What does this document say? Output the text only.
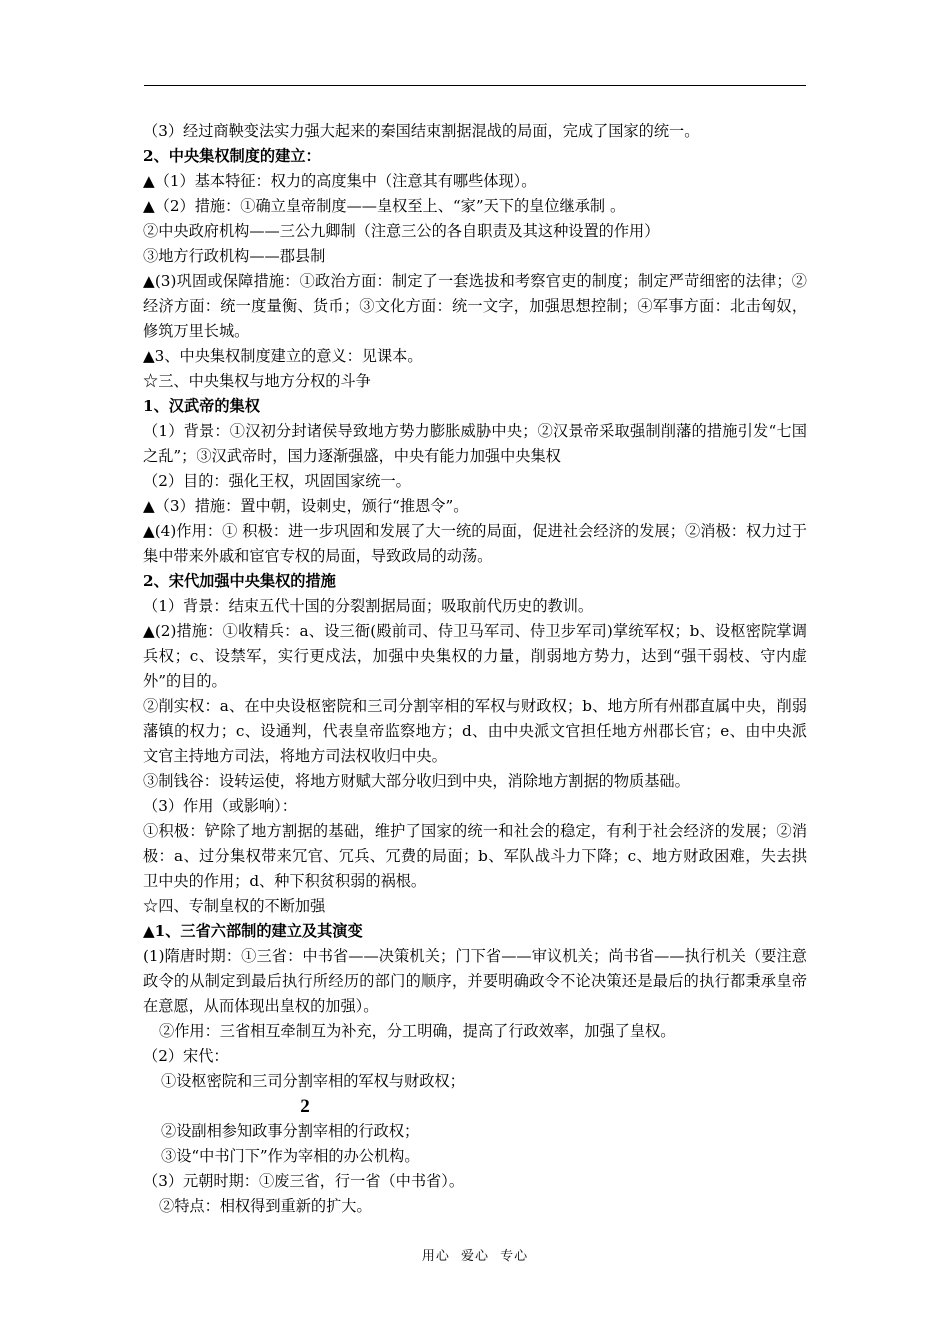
（3）经过商鞅变法实力强大起来的秦国结束割据混战的局面，完成了国家的统一。

2、中央集权制度的建立：

▲（1）基本特征：权力的高度集中（注意其有哪些体现）。

▲（2）措施：①确立皇帝制度——皇权至上、“家”天下的皇位继承制 。

②中央政府机构——三公九卿制（注意三公的各自职责及其这种设置的作用）

③地方行政机构——郡县制

▲(3)巩固或保障措施：①政治方面：制定了一套选拔和考察官吏的制度；制定严苛细密的法律；②经济方面：统一度量衡、货币；③文化方面：统一文字，加强思想控制；④军事方面：北击匈奴，修筑万里长城。

▲3、中央集权制度建立的意义：见课本。

☆三、中央集权与地方分权的斗争

1、汉武帝的集权

（1）背景：①汉初分封诸侯导致地方势力膨胀威胁中央；②汉景帝采取强制削藩的措施引发“七国之乱”；③汉武帝时，国力逐渐强盛，中央有能力加强中央集权

（2）目的：强化王权，巩固国家统一。

▲（3）措施：置中朝，设刺史，颁行“推恩令”。

▲(4)作用：① 积极：进一步巩固和发展了大一统的局面，促进社会经济的发展；②消极：权力过于集中带来外戚和宦官专权的局面，导致政局的动荡。

2、宋代加强中央集权的措施

（1）背景：结束五代十国的分裂割据局面；吸取前代历史的教训。

▲(2)措施：①收精兵：a、设三衙(殿前司、侍卫马军司、侍卫步军司)掌统军权；b、设枢密院掌调兵权；c、设禁军，实行更戍法，加强中央集权的力量，削弱地方势力，达到“强干弱枝、守内虚外”的目的。

②削实权：a、在中央设枢密院和三司分割宰相的军权与财政权；b、地方所有州郡直属中央，削弱藩镇的权力；c、设通判，代表皇帝监察地方；d、由中央派文官担任地方州郡长官；e、由中央派文官主持地方司法，将地方司法权收归中央。

③制钱谷：设转运使，将地方财赋大部分收归到中央，消除地方割据的物质基础。

（3）作用（或影响）：

①积极：铲除了地方割据的基础，维护了国家的统一和社会的稳定，有利于社会经济的发展；②消极：a、过分集权带来冗官、冗兵、冗费的局面；b、军队战斗力下降；c、地方财政困难，失去拱卫中央的作用；d、种下积贫积弱的祸根。

☆四、专制皇权的不断加强

▲1、三省六部制的建立及其演变

(1)隋唐时期：①三省：中书省——决策机关；门下省——审议机关；尚书省——执行机关（要注意政令的从制定到最后执行所经历的部门的顺序，并要明确政令不论决策还是最后的执行都秉承皇帝在意愿，从而体现出皇权的加强）。

②作用：三省相互牵制互为补充，分工明确，提高了行政效率，加强了皇权。

（2）宋代：

①设枢密院和三司分割宰相的军权与财政权；

②设副相参知政事分割宰相的行政权；

③设“中书门下”作为宰相的办公机构。

（3）元朝时期：①废三省，行一省（中书省）。

②特点：相权得到重新的扩大。

2
用心 爱心 专心
